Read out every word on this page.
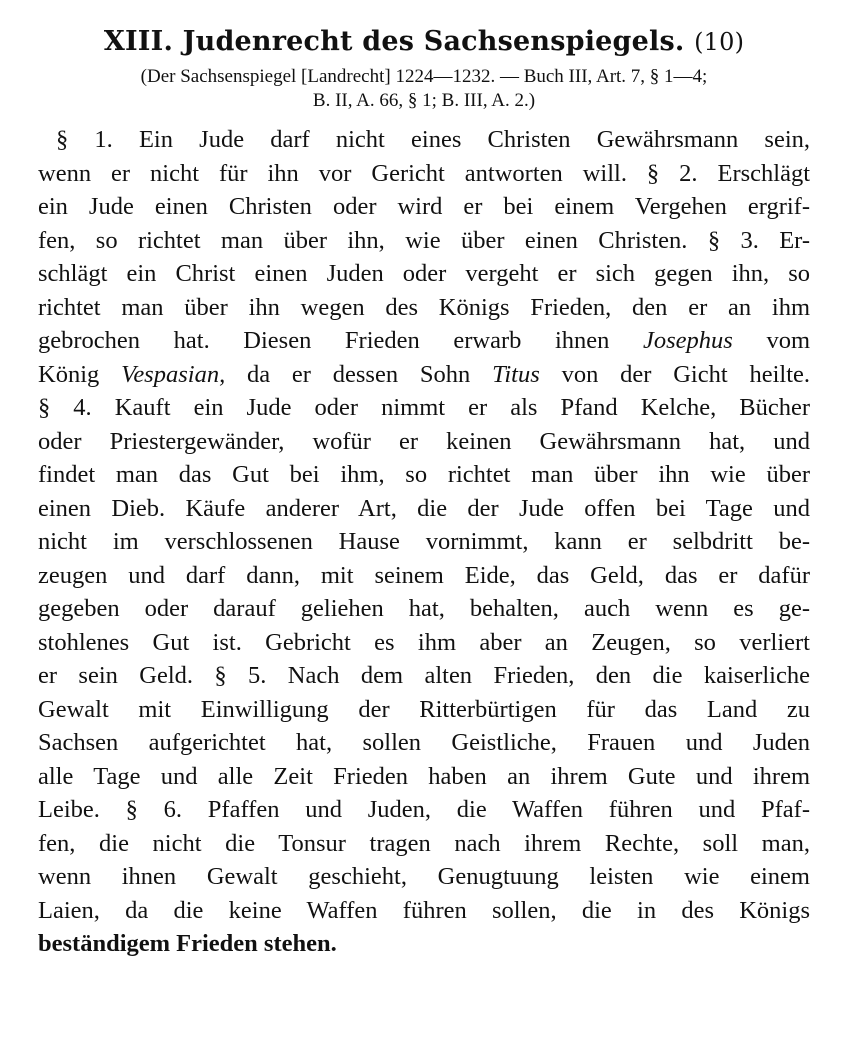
XIII. Judenrecht des Sachsenspiegels. (10)
(Der Sachsenspiegel [Landrecht] 1224—1232. — Buch III, Art. 7, § 1—4;
B. II, A. 66, § 1; B. III, A. 2.)
§ 1. Ein Jude darf nicht eines Christen Gewährsmann sein,
wenn er nicht für ihn vor Gericht antworten will. § 2. Erschlägt
ein Jude einen Christen oder wird er bei einem Vergehen ergrif-
fen, so richtet man über ihn, wie über einen Christen. § 3. Er-
schlägt ein Christ einen Juden oder vergeht er sich gegen ihn, so
richtet man über ihn wegen des Königs Frieden, den er an ihm
gebrochen hat. Diesen Frieden erwarb ihnen Josephus vom
König Vespasian, da er dessen Sohn Titus von der Gicht heilte.
§ 4. Kauft ein Jude oder nimmt er als Pfand Kelche, Bücher
oder Priestergewänder, wofür er keinen Gewährsmann hat, und
findet man das Gut bei ihm, so richtet man über ihn wie über
einen Dieb. Käufe anderer Art, die der Jude offen bei Tage und
nicht im verschlossenen Hause vornimmt, kann er selbdritt be-
zeugen und darf dann, mit seinem Eide, das Geld, das er dafür
gegeben oder darauf geliehen hat, behalten, auch wenn es ge-
stohlenes Gut ist. Gebricht es ihm aber an Zeugen, so verliert
er sein Geld. § 5. Nach dem alten Frieden, den die kaiserliche
Gewalt mit Einwilligung der Ritterbürtigen für das Land zu
Sachsen aufgerichtet hat, sollen Geistliche, Frauen und Juden
alle Tage und alle Zeit Frieden haben an ihrem Gute und ihrem
Leibe. § 6. Pfaffen und Juden, die Waffen führen und Pfaf-
fen, die nicht die Tonsur tragen nach ihrem Rechte, soll man,
wenn ihnen Gewalt geschieht, Genugtuung leisten wie einem
Laien, da die keine Waffen führen sollen, die in des Königs
beständigem Frieden stehen.
